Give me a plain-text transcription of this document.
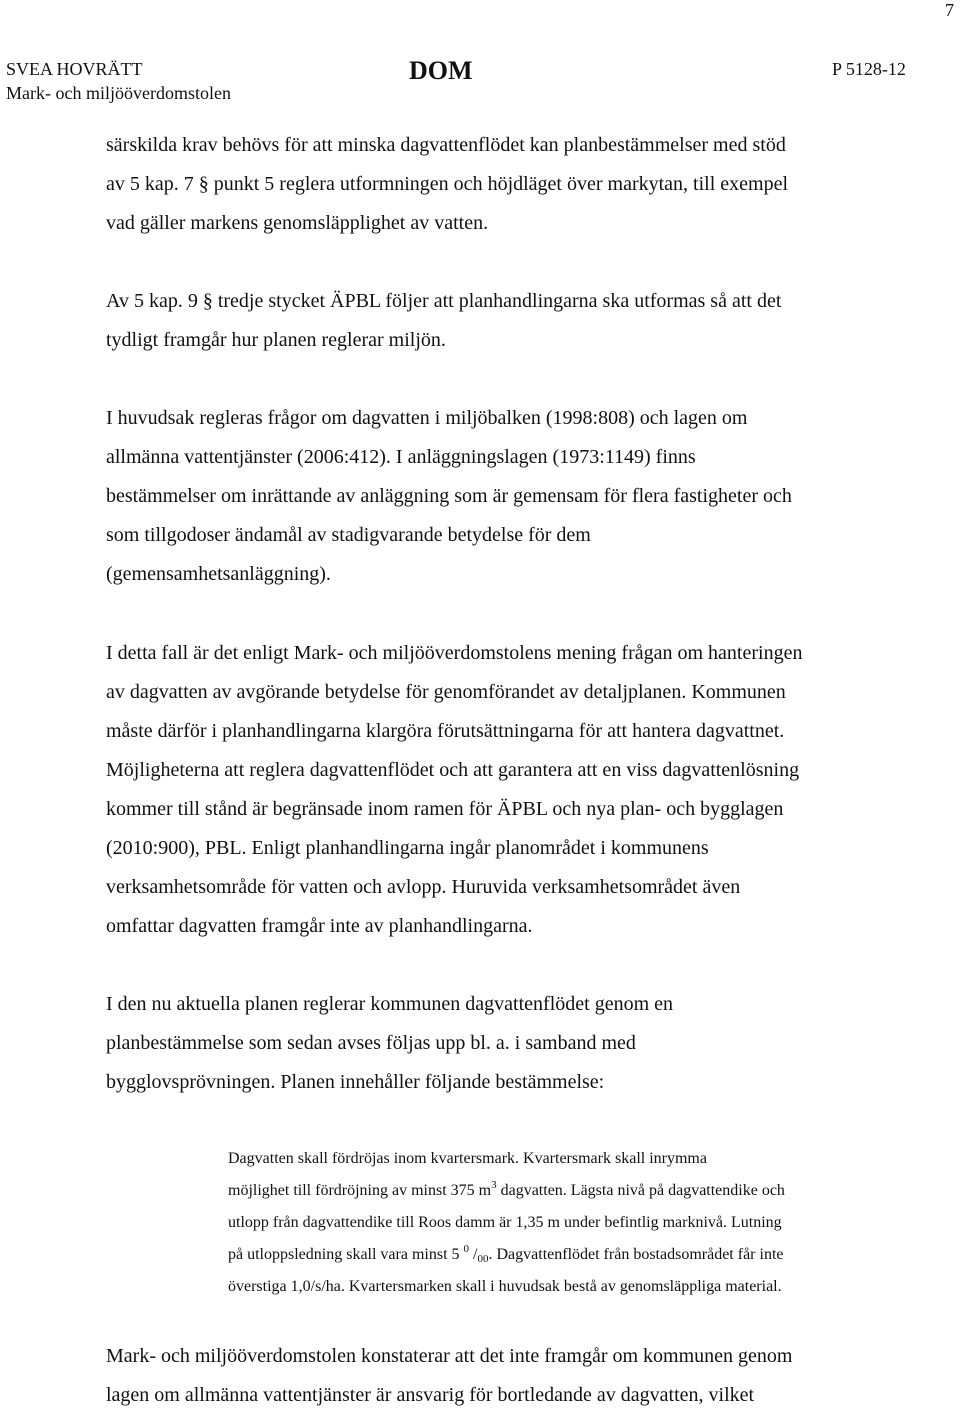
7
SVEA HOVRÄTT
Mark- och miljööverdomstolen
DOM	P 5128-12

särskilda krav behövs för att minska dagvattenflödet kan planbestämmelser med stöd
av 5 kap. 7 § punkt 5 reglera utformningen och höjdläget över markytan, till exempel
vad gäller markens genomsläpplighet av vatten.

Av 5 kap. 9 § tredje stycket ÄPBL följer att planhandlingarna ska utformas så att det
tydligt framgår hur planen reglerar miljön.

I huvudsak regleras frågor om dagvatten i miljöbalken (1998:808) och lagen om
allmänna vattentjänster (2006:412). I anläggningslagen (1973:1149) finns
bestämmelser om inrättande av anläggning som är gemensam för flera fastigheter och
som tillgodoser ändamål av stadigvarande betydelse för dem
(gemensamhetsanläggning).

I detta fall är det enligt Mark- och miljööverdomstolens mening frågan om hanteringen
av dagvatten av avgörande betydelse för genomförandet av detaljplanen. Kommunen
måste därför i planhandlingarna klargöra förutsättningarna för att hantera dagvattnet.
Möjligheterna att reglera dagvattenflödet och att garantera att en viss dagvattenlösning
kommer till stånd är begränsade inom ramen för ÄPBL och nya plan- och bygglagen
(2010:900), PBL. Enligt planhandlingarna ingår planområdet i kommunens
verksamhetsområde för vatten och avlopp. Huruvida verksamhetsområdet även
omfattar dagvatten framgår inte av planhandlingarna.

I den nu aktuella planen reglerar kommunen dagvattenflödet genom en
planbestämmelse som sedan avses följas upp bl. a. i samband med
bygglovsprövningen. Planen innehåller följande bestämmelse:

Dagvatten skall fördröjas inom kvartersmark. Kvartersmark skall inrymma
möjlighet till fördröjning av minst 375 $m^3$ dagvatten. Lägsta nivå på dagvattendike och
utlopp från dagvattendike till Roos damm är 1,35 m under befintlig marknivå. Lutning
på utloppsledning skall vara minst 5 $^0$ $/_{00}$. Dagvattenflödet från bostadsområdet får inte
överstiga 1,0/s/ha. Kvartersmarken skall i huvudsak bestå av genomsläppliga material.

Mark- och miljööverdomstolen konstaterar att det inte framgår om kommunen genom
lagen om allmänna vattentjänster är ansvarig för bortledande av dagvatten, vilket
